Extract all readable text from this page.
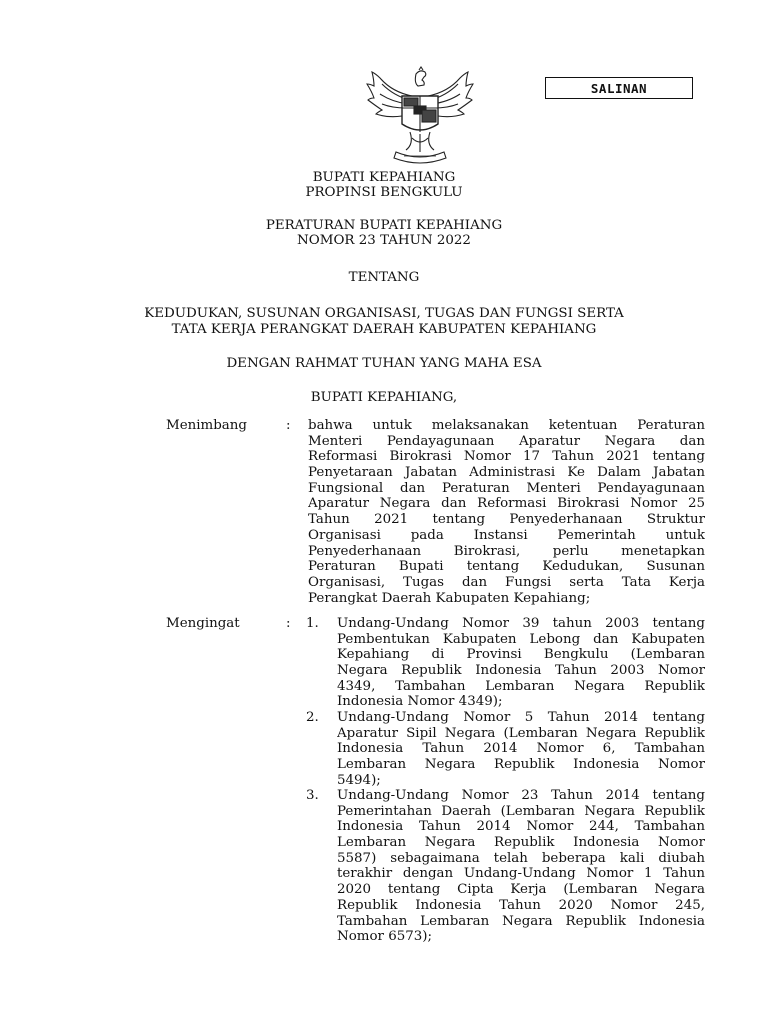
SALINAN
BUPATI KEPAHIANG
PROPINSI BENGKULU
PERATURAN BUPATI KEPAHIANG
NOMOR 23 TAHUN 2022
TENTANG
KEDUDUKAN, SUSUNAN ORGANISASI, TUGAS DAN FUNGSI SERTA
TATA KERJA PERANGKAT DAERAH KABUPATEN KEPAHIANG
DENGAN RAHMAT TUHAN YANG MAHA ESA
BUPATI KEPAHIANG,
Menimbang	: bahwa untuk melaksanakan ketentuan Peraturan
Menteri Pendayagunaan Aparatur Negara dan
Reformasi Birokrasi Nomor 17 Tahun 2021 tentang
Penyetaraan Jabatan Administrasi Ke Dalam Jabatan
Fungsional dan Peraturan Menteri Pendayagunaan
Aparatur Negara dan Reformasi Birokrasi Nomor 25
Tahun 2021 tentang Penyederhanaan Struktur
Organisasi pada Instansi Pemerintah untuk
Penyederhanaan Birokrasi, perlu menetapkan
Peraturan Bupati tentang Kedudukan, Susunan
Organisasi, Tugas dan Fungsi serta Tata Kerja
Perangkat Daerah Kabupaten Kepahiang;
Mengingat	: 1. Undang-Undang Nomor 39 tahun 2003 tentang
Pembentukan Kabupaten Lebong dan Kabupaten
Kepahiang di Provinsi Bengkulu (Lembaran
Negara Republik Indonesia Tahun 2003 Nomor
4349, Tambahan Lembaran Negara Republik
Indonesia Nomor 4349);
2. Undang-Undang Nomor 5 Tahun 2014 tentang
Aparatur Sipil Negara (Lembaran Negara Republik
Indonesia Tahun 2014 Nomor 6, Tambahan
Lembaran Negara Republik Indonesia Nomor
5494);
3. Undang-Undang Nomor 23 Tahun 2014 tentang
Pemerintahan Daerah (Lembaran Negara Republik
Indonesia Tahun 2014 Nomor 244, Tambahan
Lembaran Negara Republik Indonesia Nomor
5587) sebagaimana telah beberapa kali diubah
terakhir dengan Undang-Undang Nomor 1 Tahun
2020 tentang Cipta Kerja (Lembaran Negara
Republik Indonesia Tahun 2020 Nomor 245,
Tambahan Lembaran Negara Republik Indonesia
Nomor 6573);
